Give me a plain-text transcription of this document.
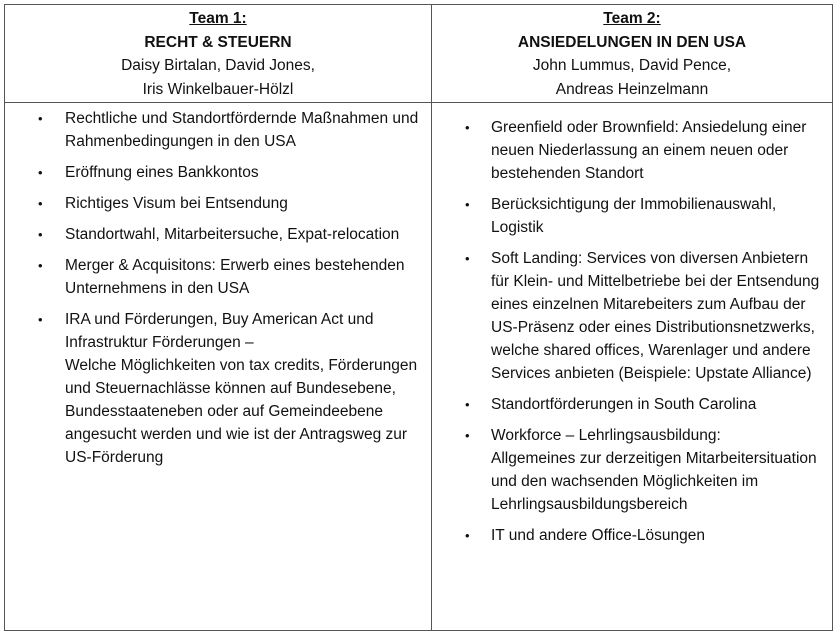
Team 1:
RECHT & STEUERN
Daisy Birtalan, David Jones,
Iris Winkelbauer-Hölzl
Team 2:
ANSIEDELUNGEN IN DEN USA
John Lummus, David Pence,
Andreas Heinzelmann
• Rechtliche und Standortfördernde Maßnahmen und Rahmenbedingungen in den USA
• Eröffnung eines Bankkontos
• Richtiges Visum bei Entsendung
• Standortwahl, Mitarbeitersuche, Expat-relocation
• Merger & Acquisitons: Erwerb eines bestehenden Unternehmens in den USA
• IRA und Förderungen, Buy American Act und Infrastruktur Förderungen –
Welche Möglichkeiten von tax credits, Förderungen und Steuernachlässe können auf Bundesebene, Bundesstaateneben oder auf Gemeindeebene angesucht werden und wie ist der Antragsweg zur US-Förderung
• Greenfield oder Brownfield: Ansiedelung einer neuen Niederlassung an einem neuen oder bestehenden Standort
• Berücksichtigung der Immobilienauswahl, Logistik
• Soft Landing: Services von diversen Anbietern für Klein- und Mittelbetriebe bei der Entsendung eines einzelnen Mitarebeiters zum Aufbau der US-Präsenz oder eines Distributionsnetzwerks, welche shared offices, Warenlager und andere Services anbieten (Beispiele: Upstate Alliance)
• Standortförderungen in South Carolina
• Workforce – Lehrlingsausbildung:
Allgemeines zur derzeitigen Mitarbeitersituation und den wachsenden Möglichkeiten im Lehrlingsausbildungsbereich
• IT und andere Office-Lösungen
